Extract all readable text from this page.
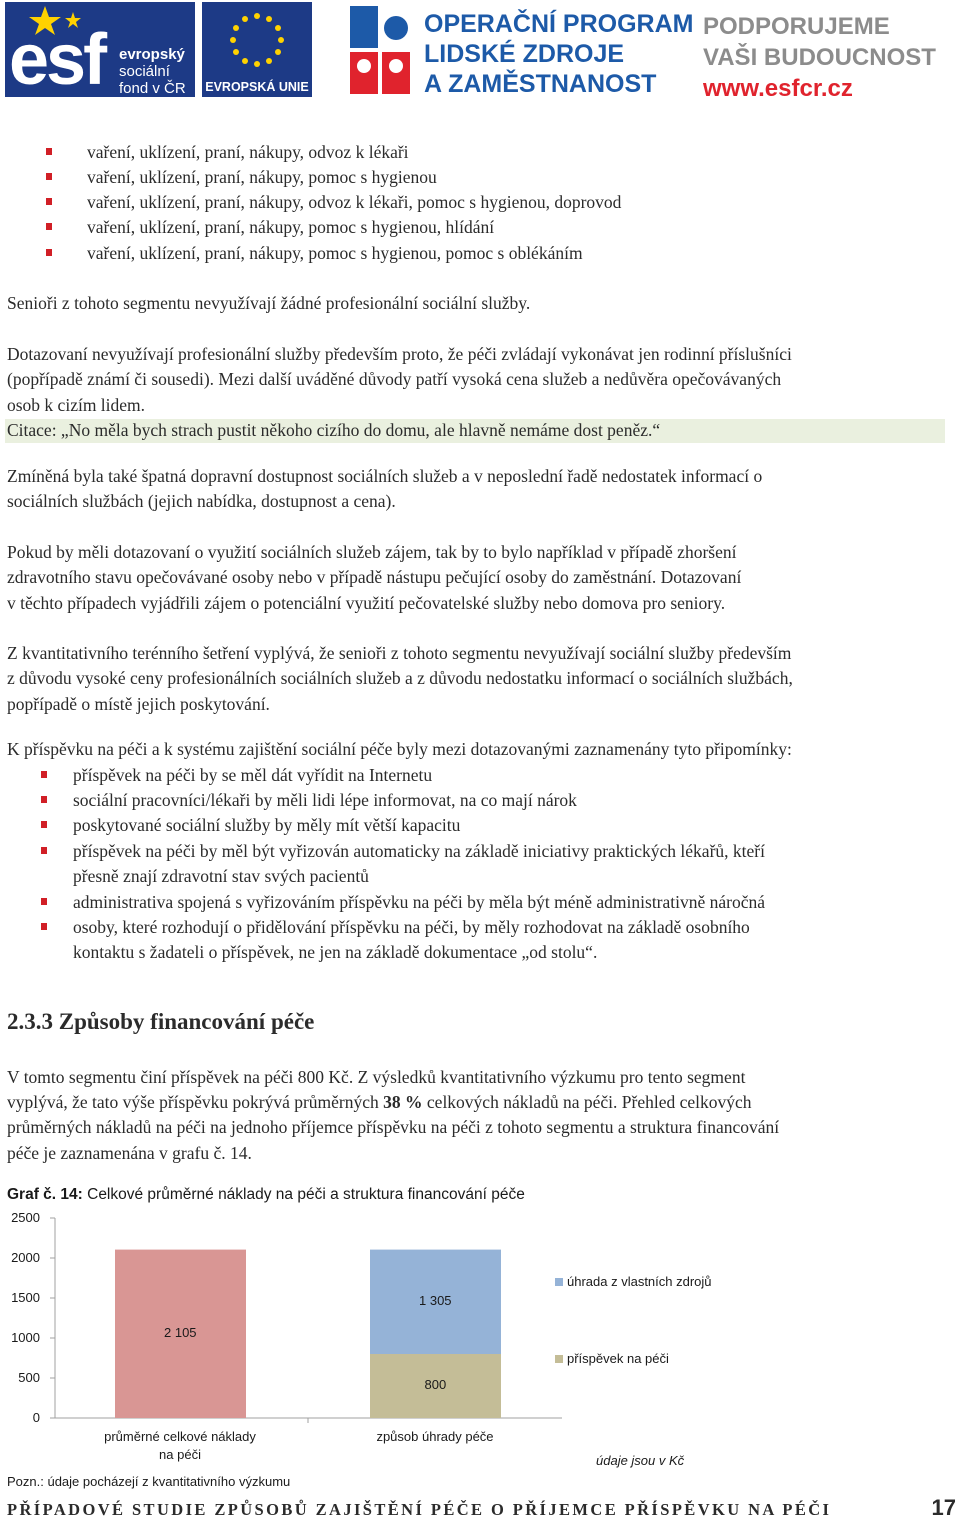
esf evropský
sociální
fond v ČR EVROPSKÁ UNIE
OPERAČNÍ PROGRAM
LIDSKÉ ZDROJE
A ZAMĚSTNANOST
PODPORUJEME
VAŠI BUDOUCNOST
www.esfcr.cz
vaření, uklízení, praní, nákupy, odvoz k lékaři
vaření, uklízení, praní, nákupy, pomoc s hygienou
vaření, uklízení, praní, nákupy, odvoz k lékaři, pomoc s hygienou, doprovod
vaření, uklízení, praní, nákupy, pomoc s hygienou, hlídání
vaření, uklízení, praní, nákupy, pomoc s hygienou, pomoc s oblékáním
Senioři z tohoto segmentu nevyužívají žádné profesionální sociální služby.
Dotazovaní nevyužívají profesionální služby především proto, že péči zvládají vykonávat jen rodinní příslušníci
(popřípadě známí či sousedi). Mezi další uváděné důvody patří vysoká cena služeb a nedůvěra opečovávaných
osob k cizím lidem.
Citace: „No měla bych strach pustit někoho cizího do domu, ale hlavně nemáme dost peněz.“
Zmíněná byla také špatná dopravní dostupnost sociálních služeb a v neposlední řadě nedostatek informací o
sociálních službách (jejich nabídka, dostupnost a cena).
Pokud by měli dotazovaní o využití sociálních služeb zájem, tak by to bylo například v případě zhoršení
zdravotního stavu opečovávané osoby nebo v případě nástupu pečující osoby do zaměstnání. Dotazovaní
v těchto případech vyjádřili zájem o potenciální využití pečovatelské služby nebo domova pro seniory.
Z kvantitativního terénního šetření vyplývá, že senioři z tohoto segmentu nevyužívají sociální služby především
z důvodu vysoké ceny profesionálních sociálních služeb a z důvodu nedostatku informací o sociálních službách,
popřípadě o místě jejich poskytování.
K příspěvku na péči a k systému zajištění sociální péče byly mezi dotazovanými zaznamenány tyto připomínky:
příspěvek na péči by se měl dát vyřídit na Internetu
sociální pracovníci/lékaři by měli lidi lépe informovat, na co mají nárok
poskytované sociální služby by měly mít větší kapacitu
příspěvek na péči by měl být vyřizován automaticky na základě iniciativy praktických lékařů, kteří
přesně znají zdravotní stav svých pacientů
administrativa spojená s vyřizováním příspěvku na péči by měla být méně administrativně náročná
osoby, které rozhodují o přidělování příspěvku na péči, by měly rozhodovat na základě osobního
kontaktu s žadateli o příspěvek, ne jen na základě dokumentace „od stolu“.
2.3.3 Způsoby financování péče
V tomto segmentu činí příspěvek na péči 800 Kč. Z výsledků kvantitativního výzkumu pro tento segment
vyplývá, že tato výše příspěvku pokrývá průměrných 38 % celkových nákladů na péči. Přehled celkových
průměrných nákladů na péči na jednoho příjemce příspěvku na péči z tohoto segmentu a struktura financování
péče je zaznamenána v grafu č. 14.
Graf č. 14: Celkové průměrné náklady na péči a struktura financování péče
0
500
1000
1500
2000
2500
2 105
1 305
800
průměrné celkové náklady
na péči
způsob úhrady péče
úhrada z vlastních zdrojů
příspěvek na péči
údaje jsou v Kč
Pozn.: údaje pocházejí z kvantitativního výzkumu
PŘÍPADOVÉ STUDIE ZPŮSOBŮ ZAJIŠTĚNÍ PÉČE O PŘÍJEMCE PŘÍSPĚVKU NA PÉČI	17
